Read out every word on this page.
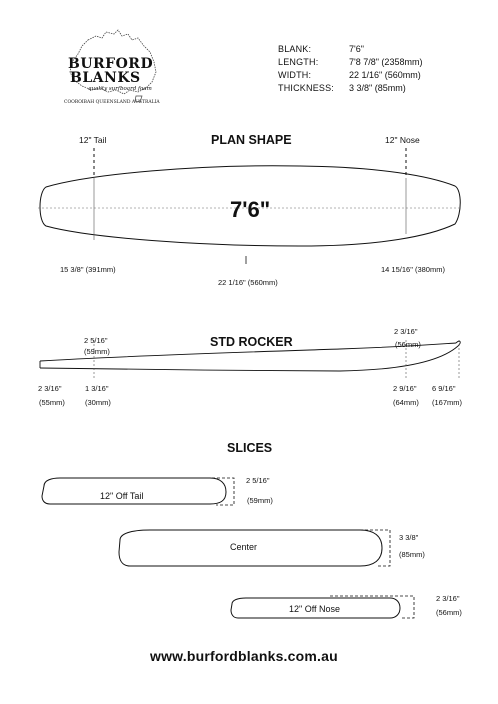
BURFORD
BLANKS
quality surfboard foam
COOROIBAH QUEENSLAND AUSTRALIA
BLANK:	7'6"
LENGTH:	7'8 7/8" (2358mm)
WIDTH:	22 1/16" (560mm)
THICKNESS: 3 3/8" (85mm)
PLAN SHAPE
12" Tail	12" Nose
7'6"
15 3/8" (391mm)
22 1/16" (560mm)
14 15/16" (380mm)
STD ROCKER
2 5/16"
(59mm)
2 3/16"
(56mm)
2 3/16"
(55mm)
1 3/16"
(30mm)
2 9/16"
(64mm)
6 9/16"
(167mm)
SLICES
12" Off Tail
2 5/16"
(59mm)
Center
3 3/8"
(85mm)
12" Off Nose
2 3/16"
(56mm)
www.burfordblanks.com.au
